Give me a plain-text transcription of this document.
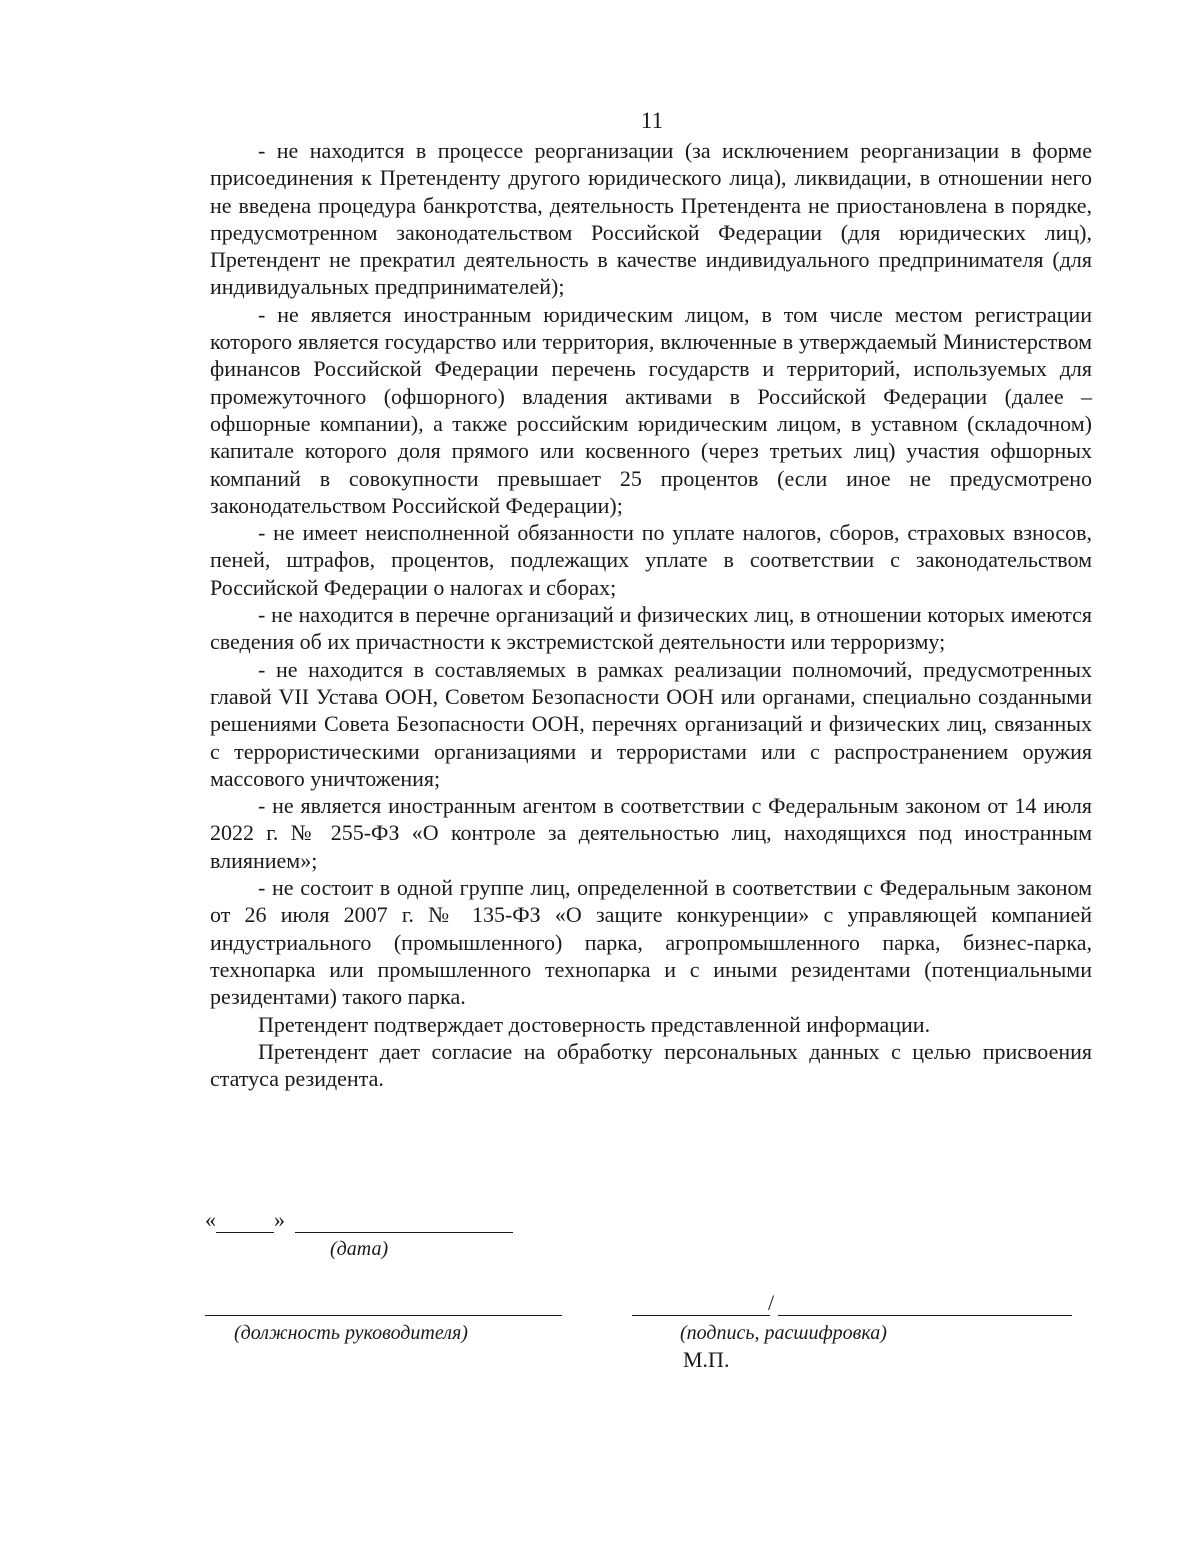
11

- не находится в процессе реорганизации (за исключением реорганизации в форме присоединения к Претенденту другого юридического лица), ликвидации, в отношении него не введена процедура банкротства, деятельность Претендента не приостановлена в порядке, предусмотренном законодательством Российской Федерации (для юридических лиц), Претендент не прекратил деятельность в качестве индивидуального предпринимателя (для индивидуальных предпринимателей);

- не является иностранным юридическим лицом, в том числе местом регистрации которого является государство или территория, включенные в утверждаемый Министерством финансов Российской Федерации перечень государств и территорий, используемых для промежуточного (офшорного) владения активами в Российской Федерации (далее – офшорные компании), а также российским юридическим лицом, в уставном (складочном) капитале которого доля прямого или косвенного (через третьих лиц) участия офшорных компаний в совокупности превышает 25 процентов (если иное не предусмотрено законодательством Российской Федерации);

- не имеет неисполненной обязанности по уплате налогов, сборов, страховых взносов, пеней, штрафов, процентов, подлежащих уплате в соответствии с законодательством Российской Федерации о налогах и сборах;

- не находится в перечне организаций и физических лиц, в отношении которых имеются сведения об их причастности к экстремистской деятельности или терроризму;

- не находится в составляемых в рамках реализации полномочий, предусмотренных главой VII Устава ООН, Советом Безопасности ООН или органами, специально созданными решениями Совета Безопасности ООН, перечнях организаций и физических лиц, связанных с террористическими организациями и террористами или с распространением оружия массового уничтожения;

- не является иностранным агентом в соответствии с Федеральным законом от 14 июля 2022 г. № 255-ФЗ «О контроле за деятельностью лиц, находящихся под иностранным влиянием»;

- не состоит в одной группе лиц, определенной в соответствии с Федеральным законом от 26 июля 2007 г. № 135-ФЗ «О защите конкуренции» с управляющей компанией индустриального (промышленного) парка, агропромышленного парка, бизнес-парка, технопарка или промышленного технопарка и с иными резидентами (потенциальными резидентами) такого парка.

Претендент подтверждает достоверность представленной информации.

Претендент дает согласие на обработку персональных данных с целью присвоения статуса резидента.

«	»
(дата)
/
(должность руководителя)	(подпись, расшифровка)
М.П.
